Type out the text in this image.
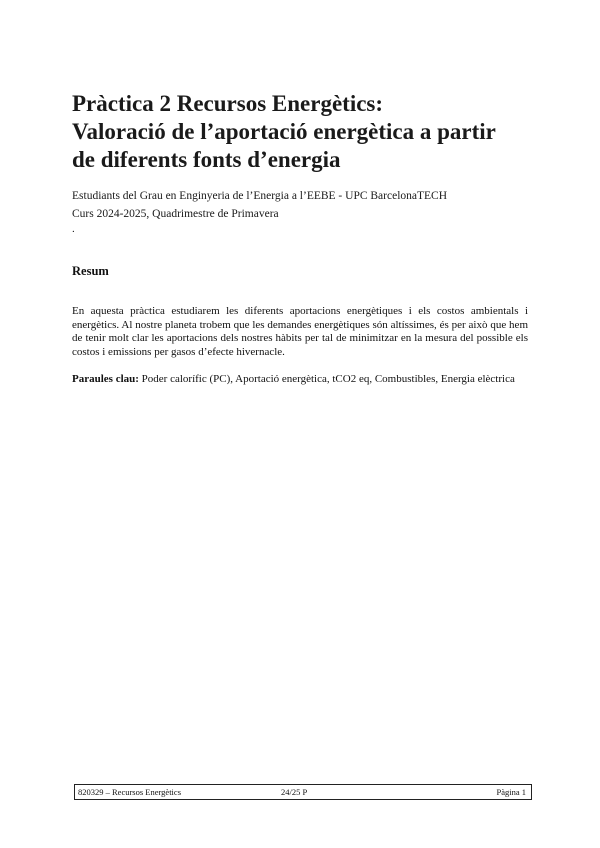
Pràctica 2 Recursos Energètics:
Valoració de l’aportació energètica a partir
de diferents fonts d’energia
Estudiants del Grau en Enginyeria de l’Energia a l’EEBE - UPC BarcelonaTECH
Curs 2024-2025, Quadrimestre de Primavera
.
Resum
En aquesta pràctica estudiarem les diferents aportacions energètiques i els costos ambientals i energètics. Al nostre planeta trobem que les demandes energètiques són altíssimes, és per això que hem de tenir molt clar les aportacions dels nostres hàbits per tal de minimitzar en la mesura del possible els costos i emissions per gasos d’efecte hivernacle.
Paraules clau: Poder calorífic (PC), Aportació energètica, tCO2 eq, Combustibles, Energia elèctrica
820329 – Recursos Energètics	24/25 P	Pàgina 1
